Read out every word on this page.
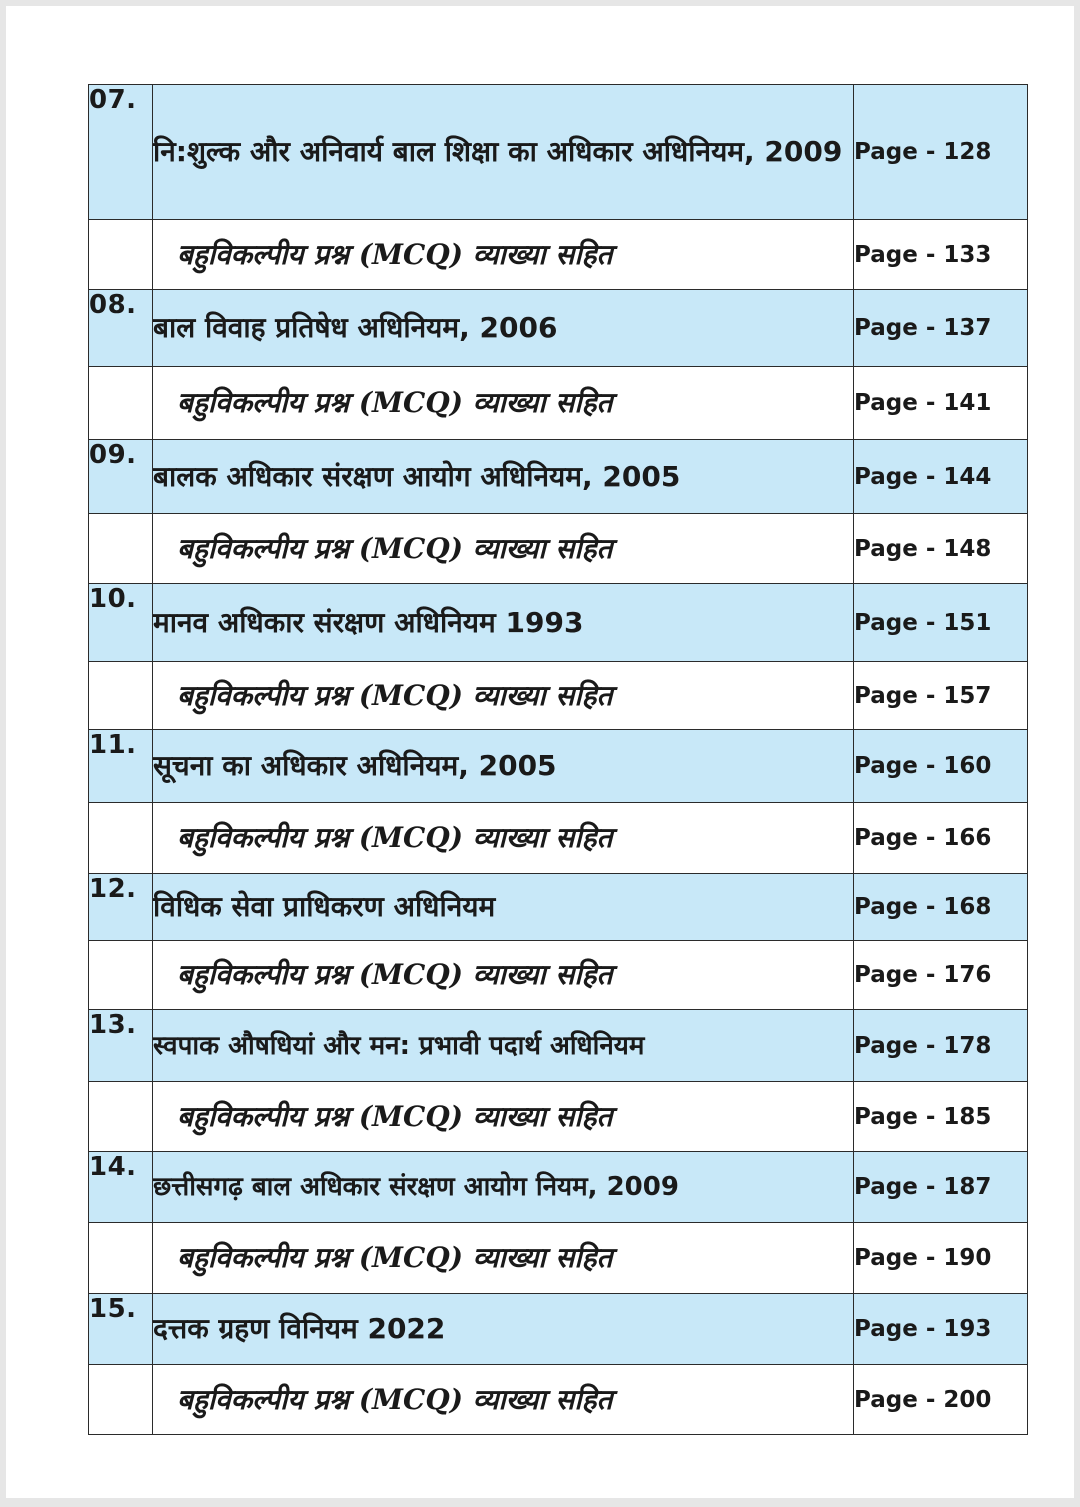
07.	नि:शुल्क और अनिवार्य बाल शिक्षा का अधिकार अधिनियम, 2009	Page - 128
	बहुविकल्पीय प्रश्न (MCQ) व्याख्या सहित	Page - 133
08.	बाल विवाह प्रतिषेध अधिनियम, 2006	Page - 137
	बहुविकल्पीय प्रश्न (MCQ) व्याख्या सहित	Page - 141
09.	बालक अधिकार संरक्षण आयोग अधिनियम, 2005	Page - 144
	बहुविकल्पीय प्रश्न (MCQ) व्याख्या सहित	Page - 148
10.	मानव अधिकार संरक्षण अधिनियम 1993	Page - 151
	बहुविकल्पीय प्रश्न (MCQ) व्याख्या सहित	Page - 157
11.	सूचना का अधिकार अधिनियम, 2005	Page - 160
	बहुविकल्पीय प्रश्न (MCQ) व्याख्या सहित	Page - 166
12.	विधिक सेवा प्राधिकरण अधिनियम	Page - 168
	बहुविकल्पीय प्रश्न (MCQ) व्याख्या सहित	Page - 176
13.	स्वपाक औषधियां और मन: प्रभावी पदार्थ अधिनियम	Page - 178
	बहुविकल्पीय प्रश्न (MCQ) व्याख्या सहित	Page - 185
14.	छत्तीसगढ़ बाल अधिकार संरक्षण आयोग नियम, 2009	Page - 187
	बहुविकल्पीय प्रश्न (MCQ) व्याख्या सहित	Page - 190
15.	दत्तक ग्रहण विनियम 2022	Page - 193
	बहुविकल्पीय प्रश्न (MCQ) व्याख्या सहित	Page - 200
